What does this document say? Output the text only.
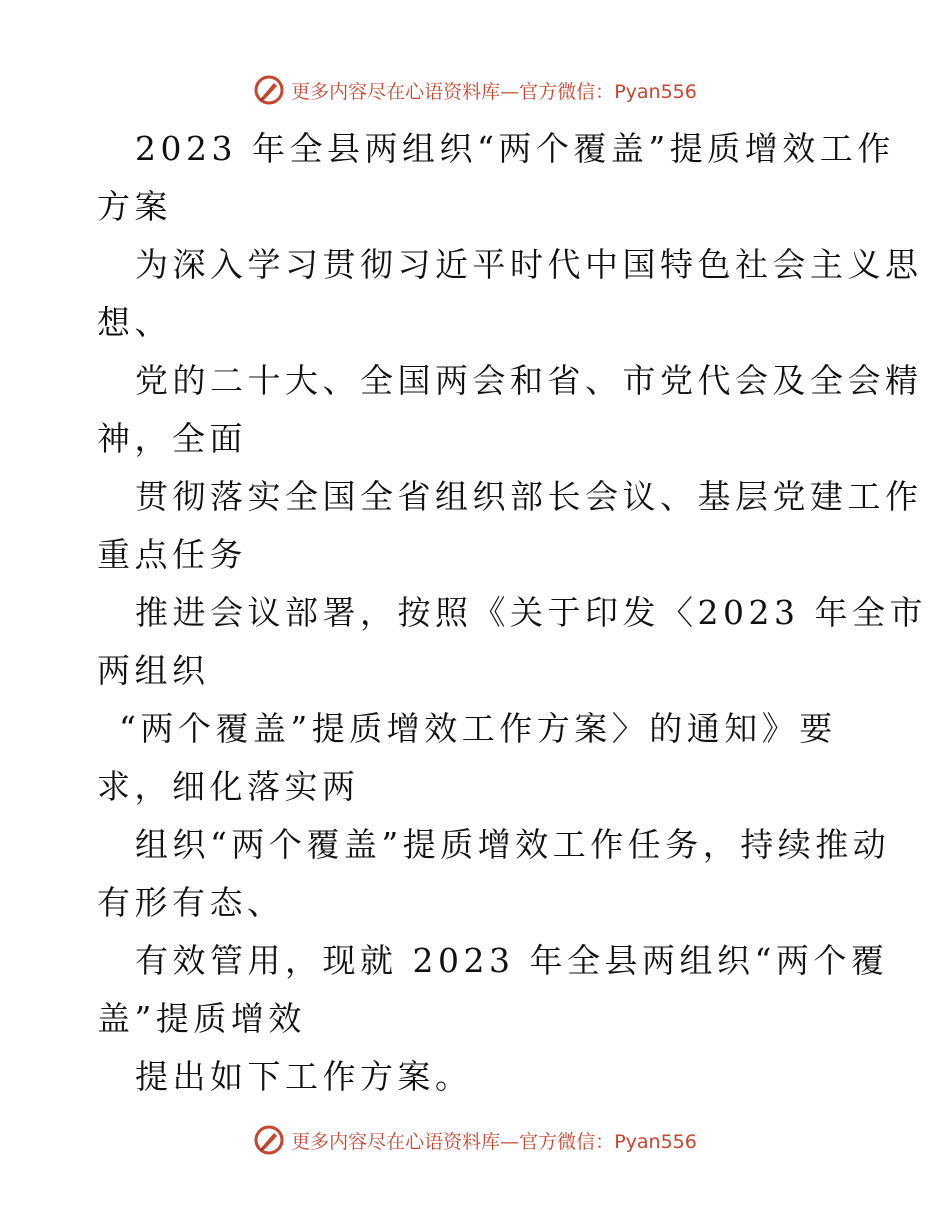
更多内容尽在心语资料库—官方微信：Pyan556
2023 年全县两组织“两个覆盖”提质增效工作
方案
为深入学习贯彻习近平时代中国特色社会主义思
想、
党的二十大、全国两会和省、市党代会及全会精
神，全面
贯彻落实全国全省组织部长会议、基层党建工作
重点任务
推进会议部署，按照《关于印发〈2023 年全市
两组织
“两个覆盖”提质增效工作方案〉的通知》要
求，细化落实两
组织“两个覆盖”提质增效工作任务，持续推动
有形有态、
有效管用，现就 2023 年全县两组织“两个覆
盖”提质增效
提出如下工作方案。
更多内容尽在心语资料库—官方微信：Pyan556
